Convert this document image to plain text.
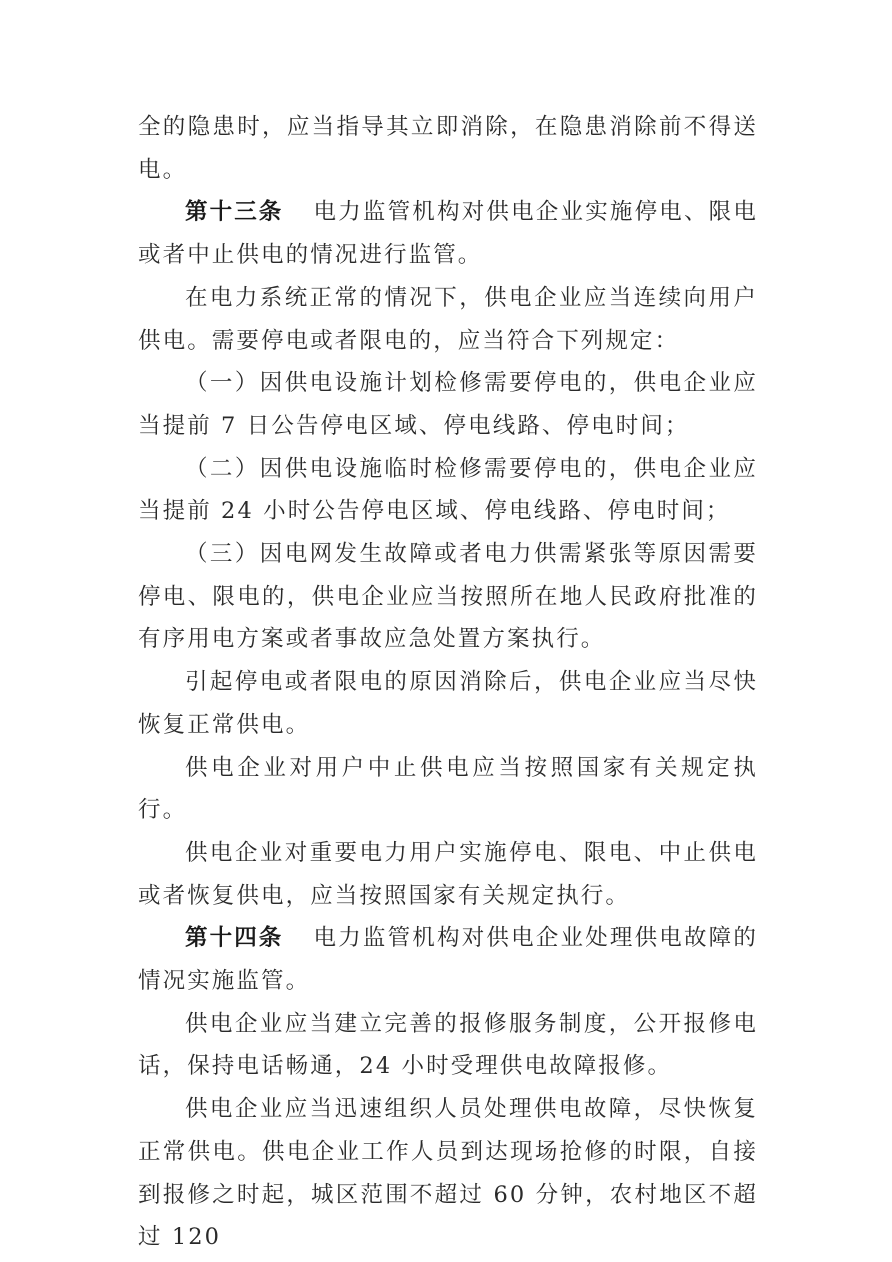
全的隐患时，应当指导其立即消除，在隐患消除前不得送电。

第十三条 电力监管机构对供电企业实施停电、限电或者中止供电的情况进行监管。

在电力系统正常的情况下，供电企业应当连续向用户供电。需要停电或者限电的，应当符合下列规定：

（一）因供电设施计划检修需要停电的，供电企业应当提前 7 日公告停电区域、停电线路、停电时间；

（二）因供电设施临时检修需要停电的，供电企业应当提前 24 小时公告停电区域、停电线路、停电时间；

（三）因电网发生故障或者电力供需紧张等原因需要停电、限电的，供电企业应当按照所在地人民政府批准的有序用电方案或者事故应急处置方案执行。

引起停电或者限电的原因消除后，供电企业应当尽快恢复正常供电。

供电企业对用户中止供电应当按照国家有关规定执行。

供电企业对重要电力用户实施停电、限电、中止供电或者恢复供电，应当按照国家有关规定执行。

第十四条 电力监管机构对供电企业处理供电故障的情况实施监管。

供电企业应当建立完善的报修服务制度，公开报修电话，保持电话畅通，24 小时受理供电故障报修。

供电企业应当迅速组织人员处理供电故障，尽快恢复正常供电。供电企业工作人员到达现场抢修的时限，自接到报修之时起，城区范围不超过 60 分钟，农村地区不超过 120
